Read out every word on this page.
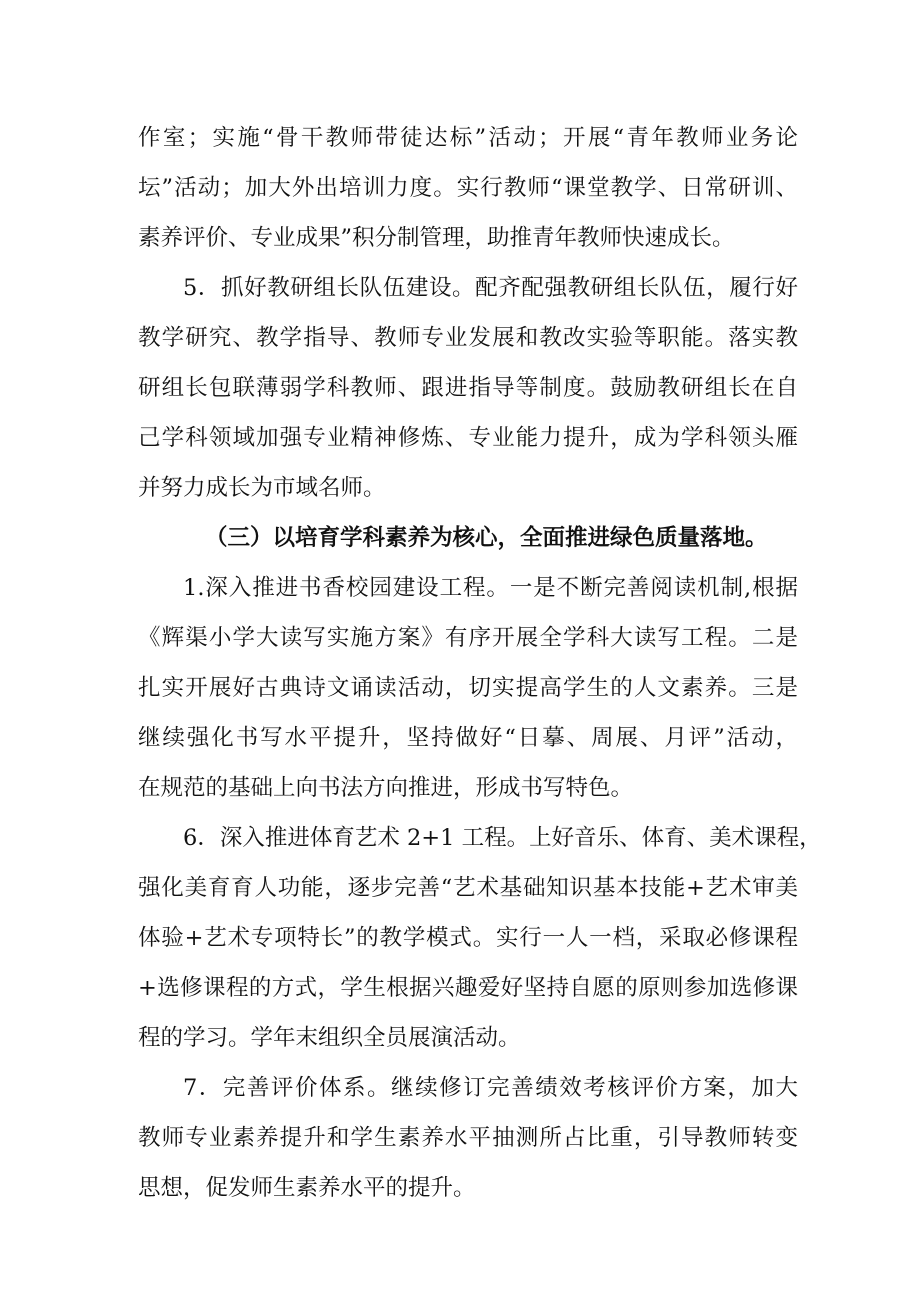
作室；实施“骨干教师带徒达标”活动；开展“青年教师业务论
坛”活动；加大外出培训力度。实行教师“课堂教学、日常研训、
素养评价、专业成果”积分制管理，助推青年教师快速成长。
5．抓好教研组长队伍建设。配齐配强教研组长队伍，履行好
教学研究、教学指导、教师专业发展和教改实验等职能。落实教
研组长包联薄弱学科教师、跟进指导等制度。鼓励教研组长在自
己学科领域加强专业精神修炼、专业能力提升，成为学科领头雁
并努力成长为市域名师。
（三）以培育学科素养为核心，全面推进绿色质量落地。
1.深入推进书香校园建设工程。一是不断完善阅读机制,根据
《辉渠小学大读写实施方案》有序开展全学科大读写工程。二是
扎实开展好古典诗文诵读活动，切实提高学生的人文素养。三是
继续强化书写水平提升，坚持做好“日摹、周展、月评”活动，
在规范的基础上向书法方向推进，形成书写特色。
6．深入推进体育艺术 2+1 工程。上好音乐、体育、美术课程，
强化美育育人功能，逐步完善“艺术基础知识基本技能+艺术审美
体验+艺术专项特长”的教学模式。实行一人一档，采取必修课程
+选修课程的方式，学生根据兴趣爱好坚持自愿的原则参加选修课
程的学习。学年末组织全员展演活动。
7．完善评价体系。继续修订完善绩效考核评价方案，加大
教师专业素养提升和学生素养水平抽测所占比重，引导教师转变
思想，促发师生素养水平的提升。
